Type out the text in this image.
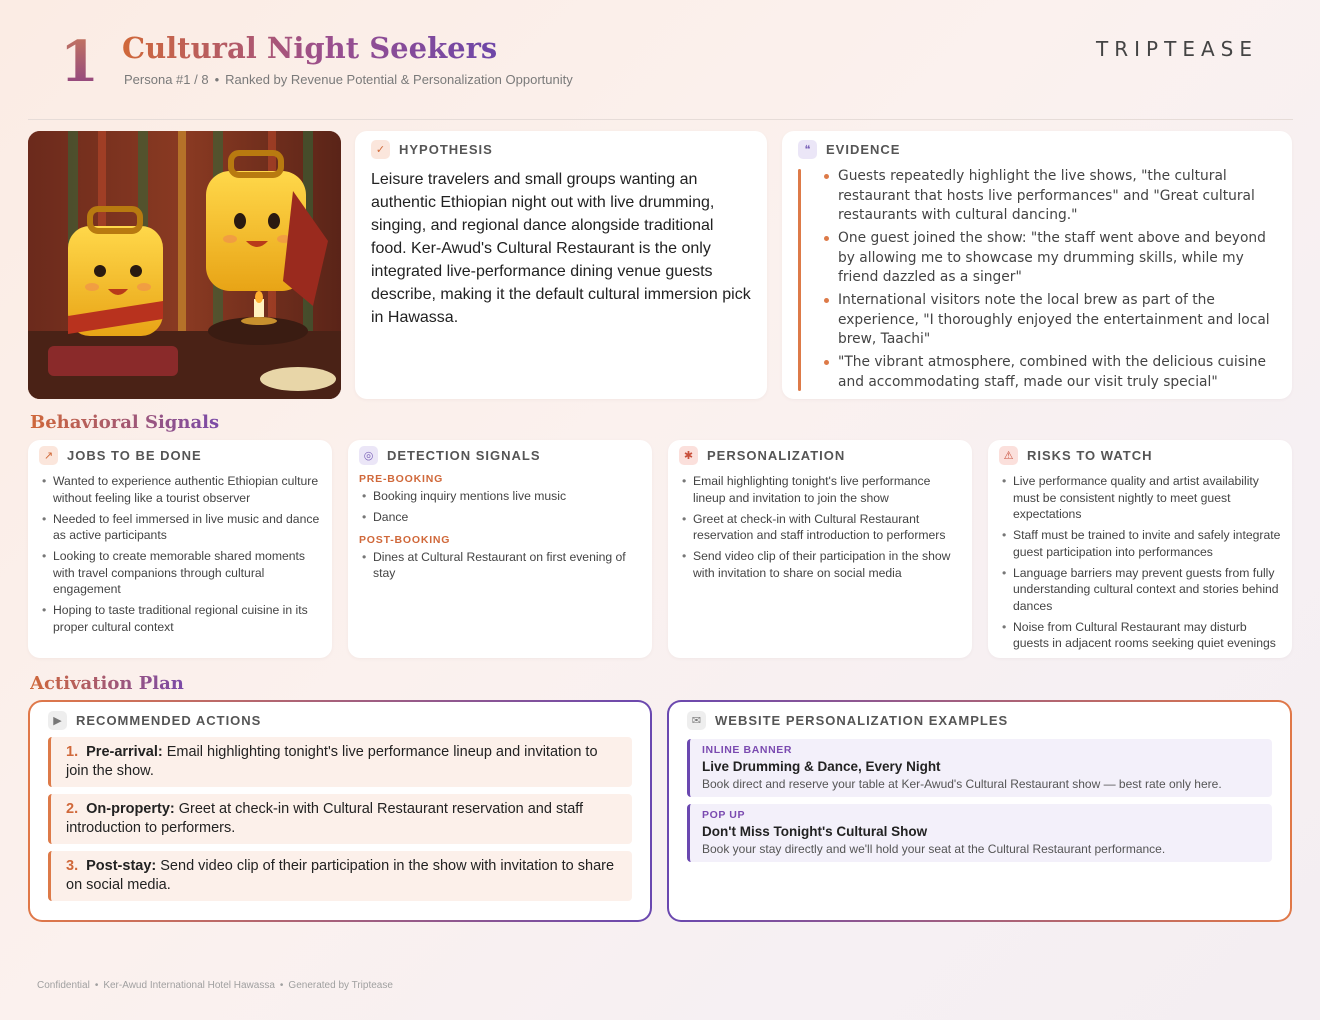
1 Cultural Night Seekers
Persona #1 / 8 • Ranked by Revenue Potential & Personalization Opportunity
TRIPTEASE
✓	HYPOTHESIS

Leisure travelers and small groups wanting an authentic Ethiopian night out with live drumming, singing, and regional dance alongside traditional food. Ker-Awud's Cultural Restaurant is the only integrated live-performance dining venue guests describe, making it the default cultural immersion pick in Hawassa.

❝	EVIDENCE
Guests repeatedly highlight the live shows, "the cultural restaurant that hosts live performances" and "Great cultural restaurants with cultural dancing."
One guest joined the show: "the staff went above and beyond by allowing me to showcase my drumming skills, while my friend dazzled as a singer"
International visitors note the local brew as part of the experience, "I thoroughly enjoyed the entertainment and local brew, Taachi"
"The vibrant atmosphere, combined with the delicious cuisine and accommodating staff, made our visit truly special"
Behavioral Signals
↗	JOBS TO BE DONE
• Wanted to experience authentic Ethiopian culture without feeling like a tourist observer
• Needed to feel immersed in live music and dance as active participants
• Looking to create memorable shared moments with travel companions through cultural engagement
• Hoping to taste traditional regional cuisine in its proper cultural context
◎	DETECTION SIGNALS
PRE-BOOKING
• Booking inquiry mentions live music
• Dance
POST-BOOKING
• Dines at Cultural Restaurant on first evening of stay
✱	PERSONALIZATION
• Email highlighting tonight's live performance lineup and invitation to join the show
• Greet at check-in with Cultural Restaurant reservation and staff introduction to performers
• Send video clip of their participation in the show with invitation to share on social media
⚠	RISKS TO WATCH
• Live performance quality and artist availability must be consistent nightly to meet guest expectations
• Staff must be trained to invite and safely integrate guest participation into performances
• Language barriers may prevent guests from fully understanding cultural context and stories behind dances
• Noise from Cultural Restaurant may disturb guests in adjacent rooms seeking quiet evenings
Activation Plan
▶	RECOMMENDED ACTIONS
1. Pre-arrival: Email highlighting tonight's live performance lineup and invitation to join the show.
2. On-property: Greet at check-in with Cultural Restaurant reservation and staff introduction to performers.
3. Post-stay: Send video clip of their participation in the show with invitation to share on social media.
✉	WEBSITE PERSONALIZATION EXAMPLES
INLINE BANNER
Live Drumming & Dance, Every Night
Book direct and reserve your table at Ker-Awud's Cultural Restaurant show — best rate only here.
POP UP
Don't Miss Tonight's Cultural Show
Book your stay directly and we'll hold your seat at the Cultural Restaurant performance.
Confidential • Ker-Awud International Hotel Hawassa • Generated by Triptease
